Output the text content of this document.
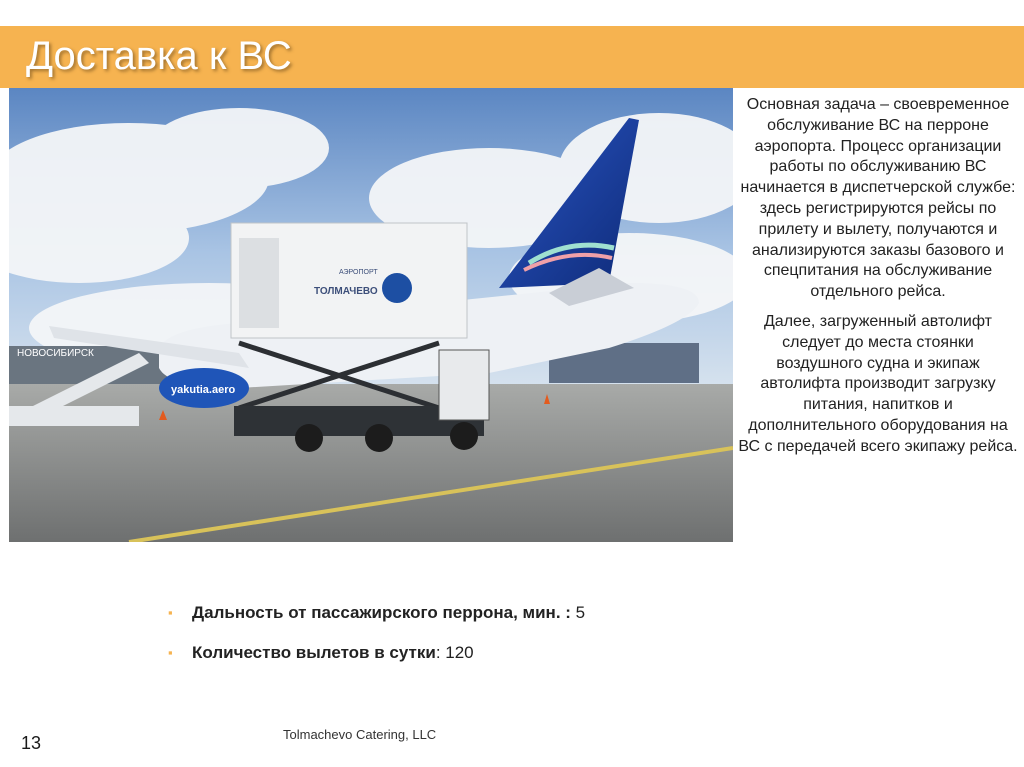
Доставка к ВС
НОВОСИБИРСК
yakutia.aero
АЭРОПОРТ
ТОЛМАЧЕВО

Основная задача – своевременное обслуживание ВС на перроне аэропорта. Процесс организации работы по обслуживанию ВС начинается в диспетчерской службе: здесь регистрируются рейсы по прилету и вылету, получаются и анализируются заказы базового и спецпитания на обслуживание отдельного рейса.

Далее, загруженный автолифт следует до места стоянки воздушного судна и экипаж автолифта производит загрузку питания, напитков и дополнительного оборудования на ВС с передачей всего экипажу рейса.

▪ Дальность от пассажирского перрона, мин. : 5
▪ Количество вылетов в сутки: 120
Tolmachevo Catering, LLC
13
